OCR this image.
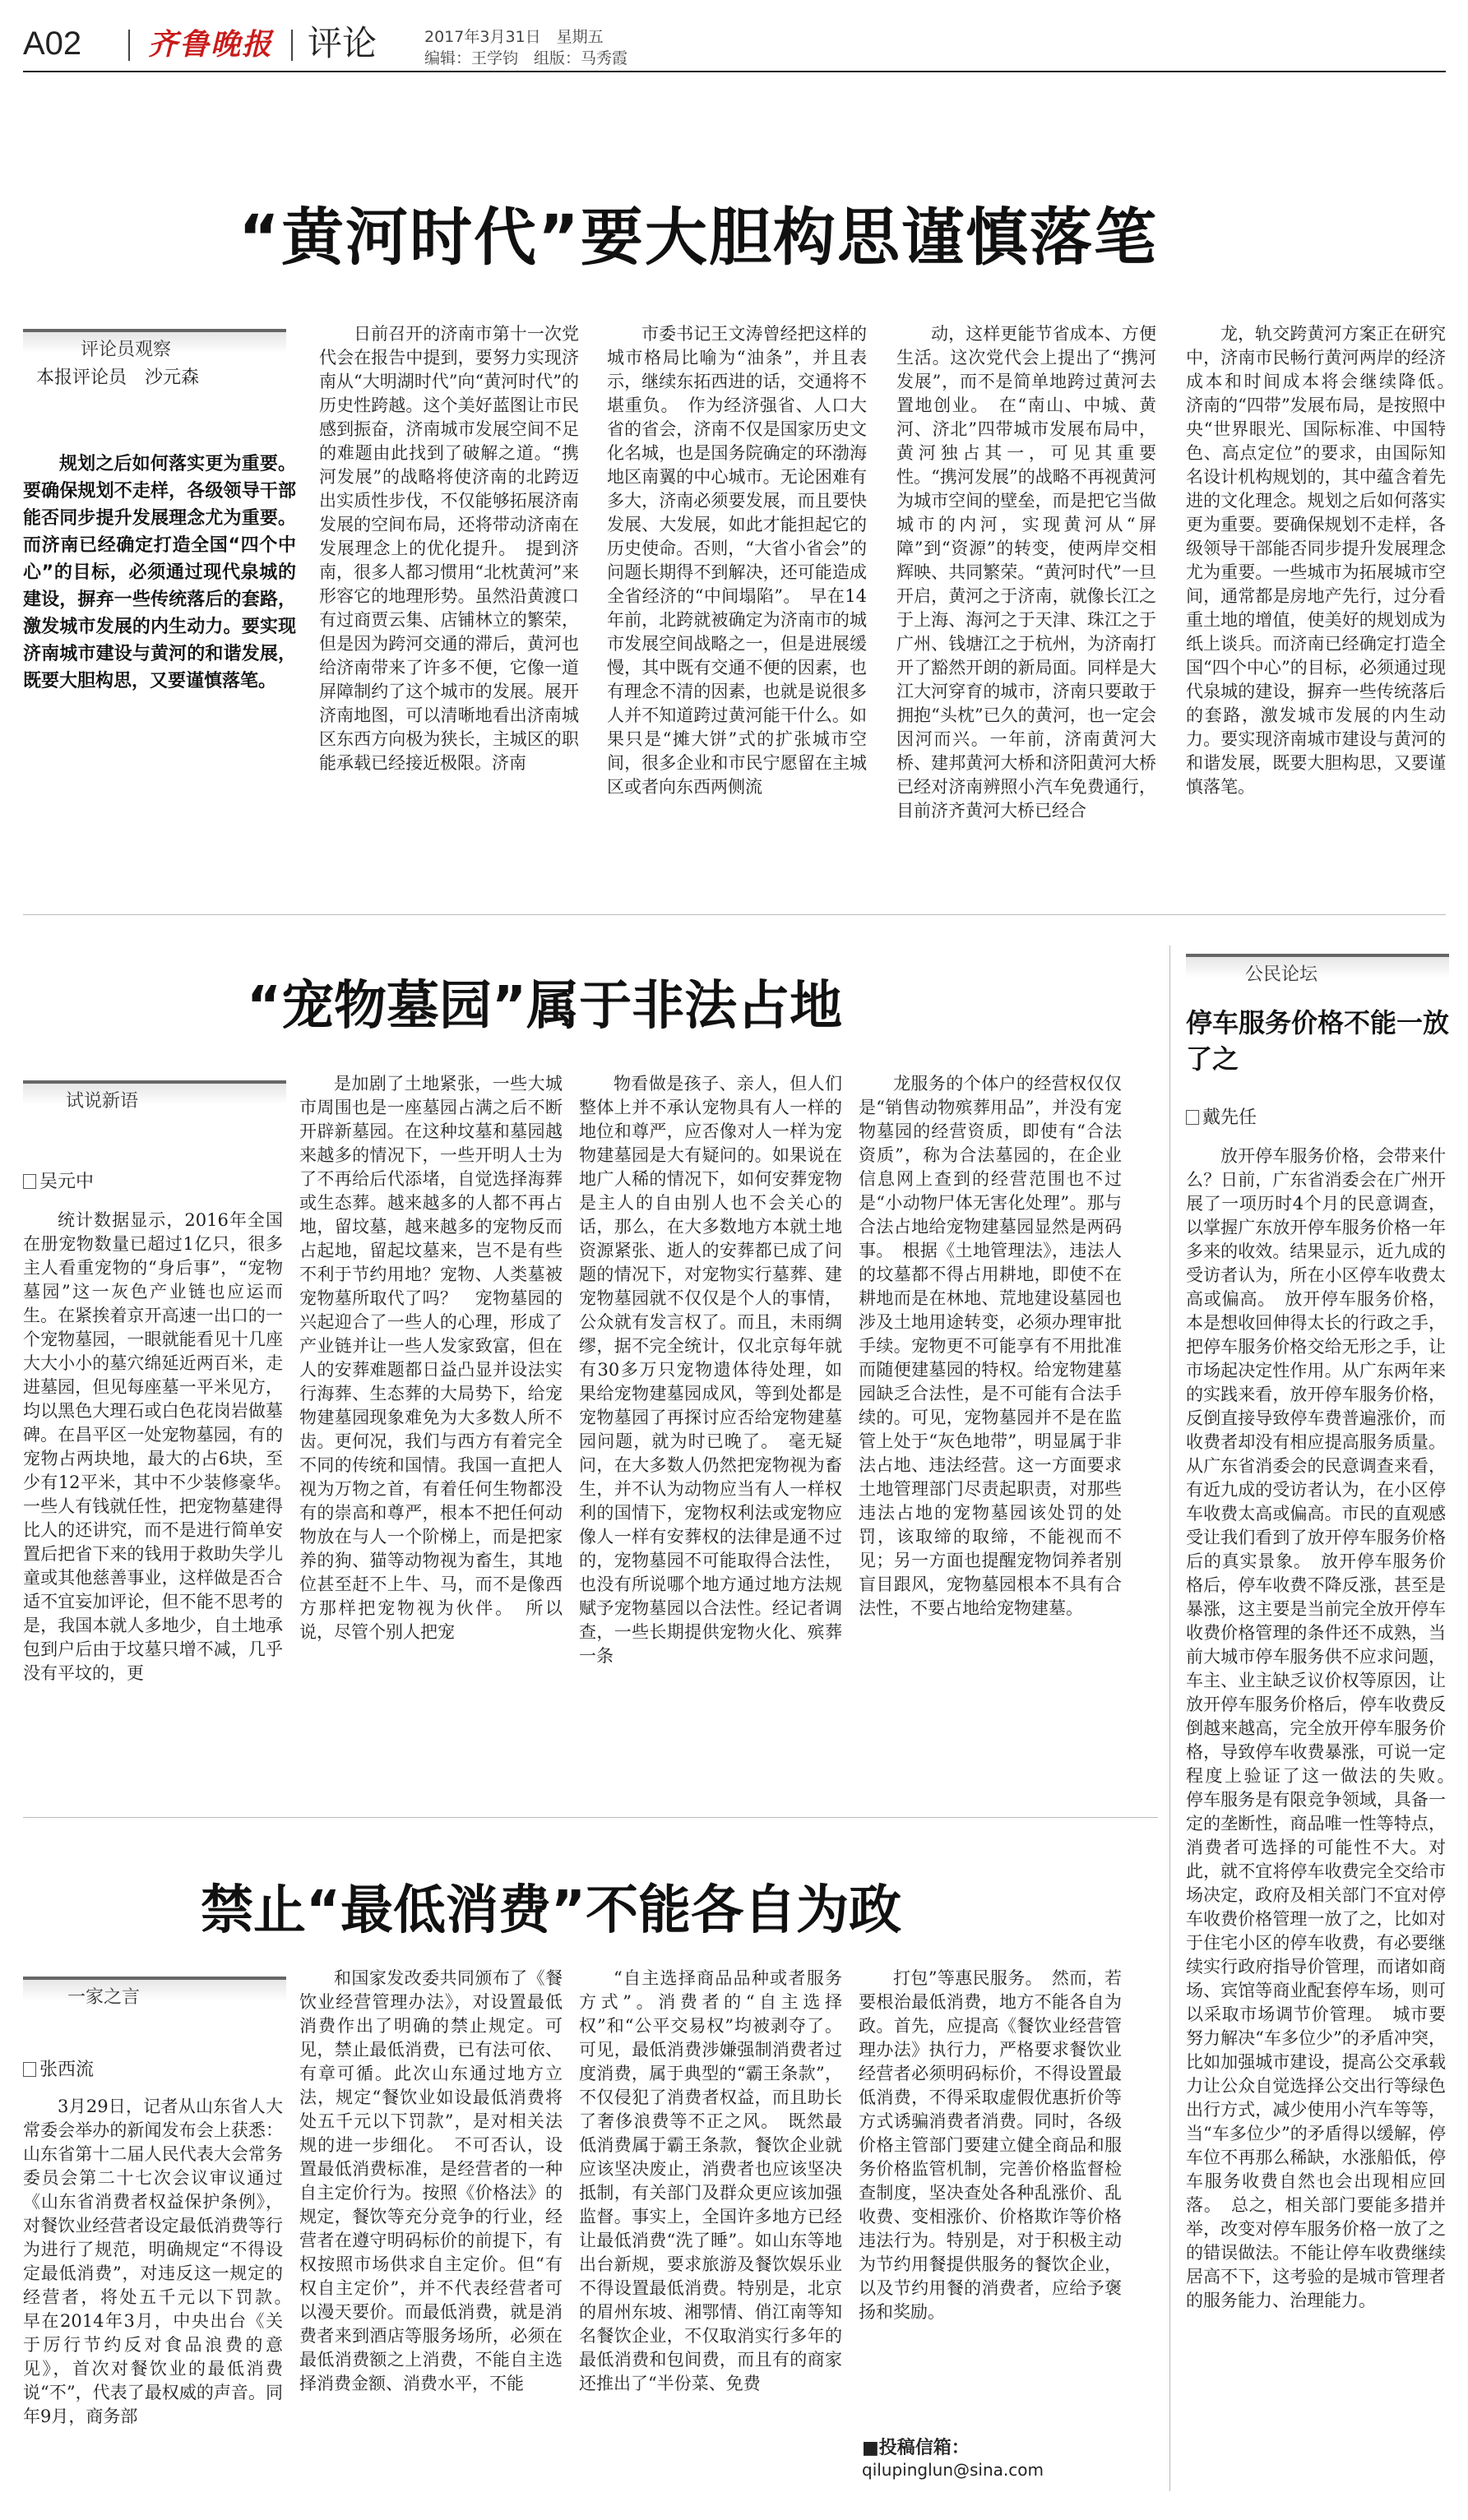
A02 齐鲁晚报 评论	2017年3月31日　星期五
编辑：王学钧　组版：马秀霞
“黄河时代”要大胆构思谨慎落笔
评论员观察
本报评论员　沙元森
规划之后如何落实更为重要。要确保规划不走样，各级领导干部能否同步提升发展理念尤为重要。而济南已经确定打造全国“四个中心”的目标，必须通过现代泉城的建设，摒弃一些传统落后的套路，激发城市发展的内生动力。要实现济南城市建设与黄河的和谐发展，既要大胆构思，又要谨慎落笔。

日前召开的济南市第十一次党代会在报告中提到，要努力实现济南从“大明湖时代”向“黄河时代”的历史性跨越。这个美好蓝图让市民感到振奋，济南城市发展空间不足的难题由此找到了破解之道。“携河发展”的战略将使济南的北跨迈出实质性步伐，不仅能够拓展济南发展的空间布局，还将带动济南在发展理念上的优化提升。　提到济南，很多人都习惯用“北枕黄河”来形容它的地理形势。虽然沿黄渡口有过商贾云集、店铺林立的繁荣，但是因为跨河交通的滞后，黄河也给济南带来了许多不便，它像一道屏障制约了这个城市的发展。展开济南地图，可以清晰地看出济南城区东西方向极为狭长，主城区的职能承载已经接近极限。济南

市委书记王文涛曾经把这样的城市格局比喻为“油条”，并且表示，继续东拓西进的话，交通将不堪重负。　作为经济强省、人口大省的省会，济南不仅是国家历史文化名城，也是国务院确定的环渤海地区南翼的中心城市。无论困难有多大，济南必须要发展，而且要快发展、大发展，如此才能担起它的历史使命。否则，“大省小省会”的问题长期得不到解决，还可能造成全省经济的“中间塌陷”。　早在14年前，北跨就被确定为济南市的城市发展空间战略之一，但是进展缓慢，其中既有交通不便的因素，也有理念不清的因素，也就是说很多人并不知道跨过黄河能干什么。如果只是“摊大饼”式的扩张城市空间，很多企业和市民宁愿留在主城区或者向东西两侧流

动，这样更能节省成本、方便生活。这次党代会上提出了“携河发展”，而不是简单地跨过黄河去置地创业。　在“南山、中城、黄河、济北”四带城市发展布局中，黄河独占其一，可见其重要性。“携河发展”的战略不再视黄河为城市空间的壁垒，而是把它当做城市的内河，实现黄河从“屏障”到“资源”的转变，使两岸交相辉映、共同繁荣。“黄河时代”一旦开启，黄河之于济南，就像长江之于上海、海河之于天津、珠江之于广州、钱塘江之于杭州，为济南打开了豁然开朗的新局面。同样是大江大河穿育的城市，济南只要敢于拥抱“头枕”已久的黄河，也一定会因河而兴。一年前，济南黄河大桥、建邦黄河大桥和济阳黄河大桥已经对济南辨照小汽车免费通行，目前济齐黄河大桥已经合

龙，轨交跨黄河方案正在研究中，济南市民畅行黄河两岸的经济成本和时间成本将会继续降低。　济南的“四带”发展布局，是按照中央“世界眼光、国际标准、中国特色、高点定位”的要求，由国际知名设计机构规划的，其中蕴含着先进的文化理念。规划之后如何落实更为重要。要确保规划不走样，各级领导干部能否同步提升发展理念尤为重要。一些城市为拓展城市空间，通常都是房地产先行，过分看重土地的增值，使美好的规划成为纸上谈兵。而济南已经确定打造全国“四个中心”的目标，必须通过现代泉城的建设，摒弃一些传统落后的套路，激发城市发展的内生动力。要实现济南城市建设与黄河的和谐发展，既要大胆构思，又要谨慎落笔。

“宠物墓园”属于非法占地
试说新语
吴元中

统计数据显示，2016年全国在册宠物数量已超过1亿只，很多主人看重宠物的“身后事”，“宠物墓园”这一灰色产业链也应运而生。在紧挨着京开高速一出口的一个宠物墓园，一眼就能看见十几座大大小小的墓穴绵延近两百米，走进墓园，但见每座墓一平米见方，均以黑色大理石或白色花岗岩做墓碑。在昌平区一处宠物墓园，有的宠物占两块地，最大的占6块，至少有12平米，其中不少装修豪华。　一些人有钱就任性，把宠物墓建得比人的还讲究，而不是进行简单安置后把省下来的钱用于救助失学儿童或其他慈善事业，这样做是否合适不宜妄加评论，但不能不思考的是，我国本就人多地少，自土地承包到户后由于坟墓只增不减，几乎没有平坟的，更

是加剧了土地紧张，一些大城市周围也是一座墓园占满之后不断开辟新墓园。在这种坟墓和墓园越来越多的情况下，一些开明人士为了不再给后代添堵，自觉选择海葬或生态葬。越来越多的人都不再占地，留坟墓，越来越多的宠物反而占起地，留起坟墓来，岂不是有些不利于节约用地？宠物、人类墓被宠物墓所取代了吗？　宠物墓园的兴起迎合了一些人的心理，形成了产业链并让一些人发家致富，但在人的安葬难题都日益凸显并设法实行海葬、生态葬的大局势下，给宠物建墓园现象难免为大多数人所不齿。更何况，我们与西方有着完全不同的传统和国情。我国一直把人视为万物之首，有着任何生物都没有的崇高和尊严，根本不把任何动物放在与人一个阶梯上，而是把家养的狗、猫等动物视为畜生，其地位甚至赶不上牛、马，而不是像西方那样把宠物视为伙伴。　所以说，尽管个别人把宠

物看做是孩子、亲人，但人们整体上并不承认宠物具有人一样的地位和尊严，应否像对人一样为宠物建墓园是大有疑问的。如果说在地广人稀的情况下，如何安葬宠物是主人的自由别人也不会关心的话，那么，在大多数地方本就土地资源紧张、逝人的安葬都已成了问题的情况下，对宠物实行墓葬、建宠物墓园就不仅仅是个人的事情，公众就有发言权了。而且，未雨绸缪，据不完全统计，仅北京每年就有30多万只宠物遗体待处理，如果给宠物建墓园成风，等到处都是宠物墓园了再探讨应否给宠物建墓园问题，就为时已晚了。　毫无疑问，在大多数人仍然把宠物视为畜生，并不认为动物应当有人一样权利的国情下，宠物权利法或宠物应像人一样有安葬权的法律是通不过的，宠物墓园不可能取得合法性，也没有所说哪个地方通过地方法规赋予宠物墓园以合法性。经记者调查，一些长期提供宠物火化、殡葬一条

龙服务的个体户的经营权仅仅是“销售动物殡葬用品”，并没有宠物墓园的经营资质，即使有“合法资质”，称为合法墓园的，在企业信息网上查到的经营范围也不过是“小动物尸体无害化处理”。那与合法占地给宠物建墓园显然是两码事。　根据《土地管理法》，违法人的坟墓都不得占用耕地，即使不在耕地而是在林地、荒地建设墓园也涉及土地用途转变，必须办理审批手续。宠物更不可能享有不用批准而随便建墓园的特权。给宠物建墓园缺乏合法性，是不可能有合法手续的。可见，宠物墓园并不是在监管上处于“灰色地带”，明显属于非法占地、违法经营。这一方面要求土地管理部门尽责起职责，对那些违法占地的宠物墓园该处罚的处罚，该取缔的取缔，不能视而不见；另一方面也提醒宠物饲养者别盲目跟风，宠物墓园根本不具有合法性，不要占地给宠物建墓。

公民论坛
停车服务价格不能一放了之
戴先任

放开停车服务价格，会带来什么？日前，广东省消委会在广州开展了一项历时4个月的民意调查，以掌握广东放开停车服务价格一年多来的收效。结果显示，近九成的受访者认为，所在小区停车收费太高或偏高。　放开停车服务价格，本是想收回伸得太长的行政之手，把停车服务价格交给无形之手，让市场起决定性作用。从广东两年来的实践来看，放开停车服务价格，反倒直接导致停车费普遍涨价，而收费者却没有相应提高服务质量。从广东省消委会的民意调查来看，有近九成的受访者认为，在小区停车收费太高或偏高。市民的直观感受让我们看到了放开停车服务价格后的真实景象。　放开停车服务价格后，停车收费不降反涨，甚至是暴涨，这主要是当前完全放开停车收费价格管理的条件还不成熟，当前大城市停车服务供不应求问题，车主、业主缺乏议价权等原因，让放开停车服务价格后，停车收费反倒越来越高，完全放开停车服务价格，导致停车收费暴涨，可说一定程度上验证了这一做法的失败。　停车服务是有限竞争领域，具备一定的垄断性，商品唯一性等特点，消费者可选择的可能性不大。对此，就不宜将停车收费完全交给市场决定，政府及相关部门不宜对停车收费价格管理一放了之，比如对于住宅小区的停车收费，有必要继续实行政府指导价管理，而诸如商场、宾馆等商业配套停车场，则可以采取市场调节价管理。　城市要努力解决“车多位少”的矛盾冲突，比如加强城市建设，提高公交承载力让公众自觉选择公交出行等绿色出行方式，减少使用小汽车等等，当“车多位少”的矛盾得以缓解，停车位不再那么稀缺，水涨船低，停车服务收费自然也会出现相应回落。　总之，相关部门要能多措并举，改变对停车服务价格一放了之的错误做法。不能让停车收费继续居高不下，这考验的是城市管理者的服务能力、治理能力。

禁止“最低消费”不能各自为政
一家之言
张西流

3月29日，记者从山东省人大常委会举办的新闻发布会上获悉：山东省第十二届人民代表大会常务委员会第二十七次会议审议通过《山东省消费者权益保护条例》，对餐饮业经营者设定最低消费等行为进行了规范，明确规定“不得设定最低消费”，对违反这一规定的经营者，将处五千元以下罚款。　早在2014年3月，中央出台《关于厉行节约反对食品浪费的意见》，首次对餐饮业的最低消费说“不”，代表了最权威的声音。同年9月，商务部

和国家发改委共同颁布了《餐饮业经营管理办法》，对设置最低消费作出了明确的禁止规定。可见，禁止最低消费，已有法可依、有章可循。此次山东通过地方立法，规定“餐饮业如设最低消费将处五千元以下罚款”，是对相关法规的进一步细化。　不可否认，设置最低消费标准，是经营者的一种自主定价行为。按照《价格法》的规定，餐饮等充分竞争的行业，经营者在遵守明码标价的前提下，有权按照市场供求自主定价。但“有权自主定价”，并不代表经营者可以漫天要价。而最低消费，就是消费者来到酒店等服务场所，必须在最低消费额之上消费，不能自主选择消费金额、消费水平，不能

“自主选择商品品种或者服务方式”。消费者的“自主选择权”和“公平交易权”均被剥夺了。可见，最低消费涉嫌强制消费者过度消费，属于典型的“霸王条款”，不仅侵犯了消费者权益，而且助长了奢侈浪费等不正之风。　既然最低消费属于霸王条款，餐饮企业就应该坚决废止，消费者也应该坚决抵制，有关部门及群众更应该加强监督。事实上，全国许多地方已经让最低消费“洗了睡”。如山东等地出台新规，要求旅游及餐饮娱乐业不得设置最低消费。特别是，北京的眉州东坡、湘鄂情、俏江南等知名餐饮企业，不仅取消实行多年的最低消费和包间费，而且有的商家还推出了“半份菜、免费

打包”等惠民服务。　然而，若要根治最低消费，地方不能各自为政。首先，应提高《餐饮业经营管理办法》执行力，严格要求餐饮业经营者必须明码标价，不得设置最低消费，不得采取虚假优惠折价等方式诱骗消费者消费。同时，各级价格主管部门要建立健全商品和服务价格监管机制，完善价格监督检查制度，坚决查处各种乱涨价、乱收费、变相涨价、价格欺诈等价格违法行为。特别是，对于积极主动为节约用餐提供服务的餐饮企业，以及节约用餐的消费者，应给予褒扬和奖励。

■投稿信箱：
qilupinglun@sina.com
